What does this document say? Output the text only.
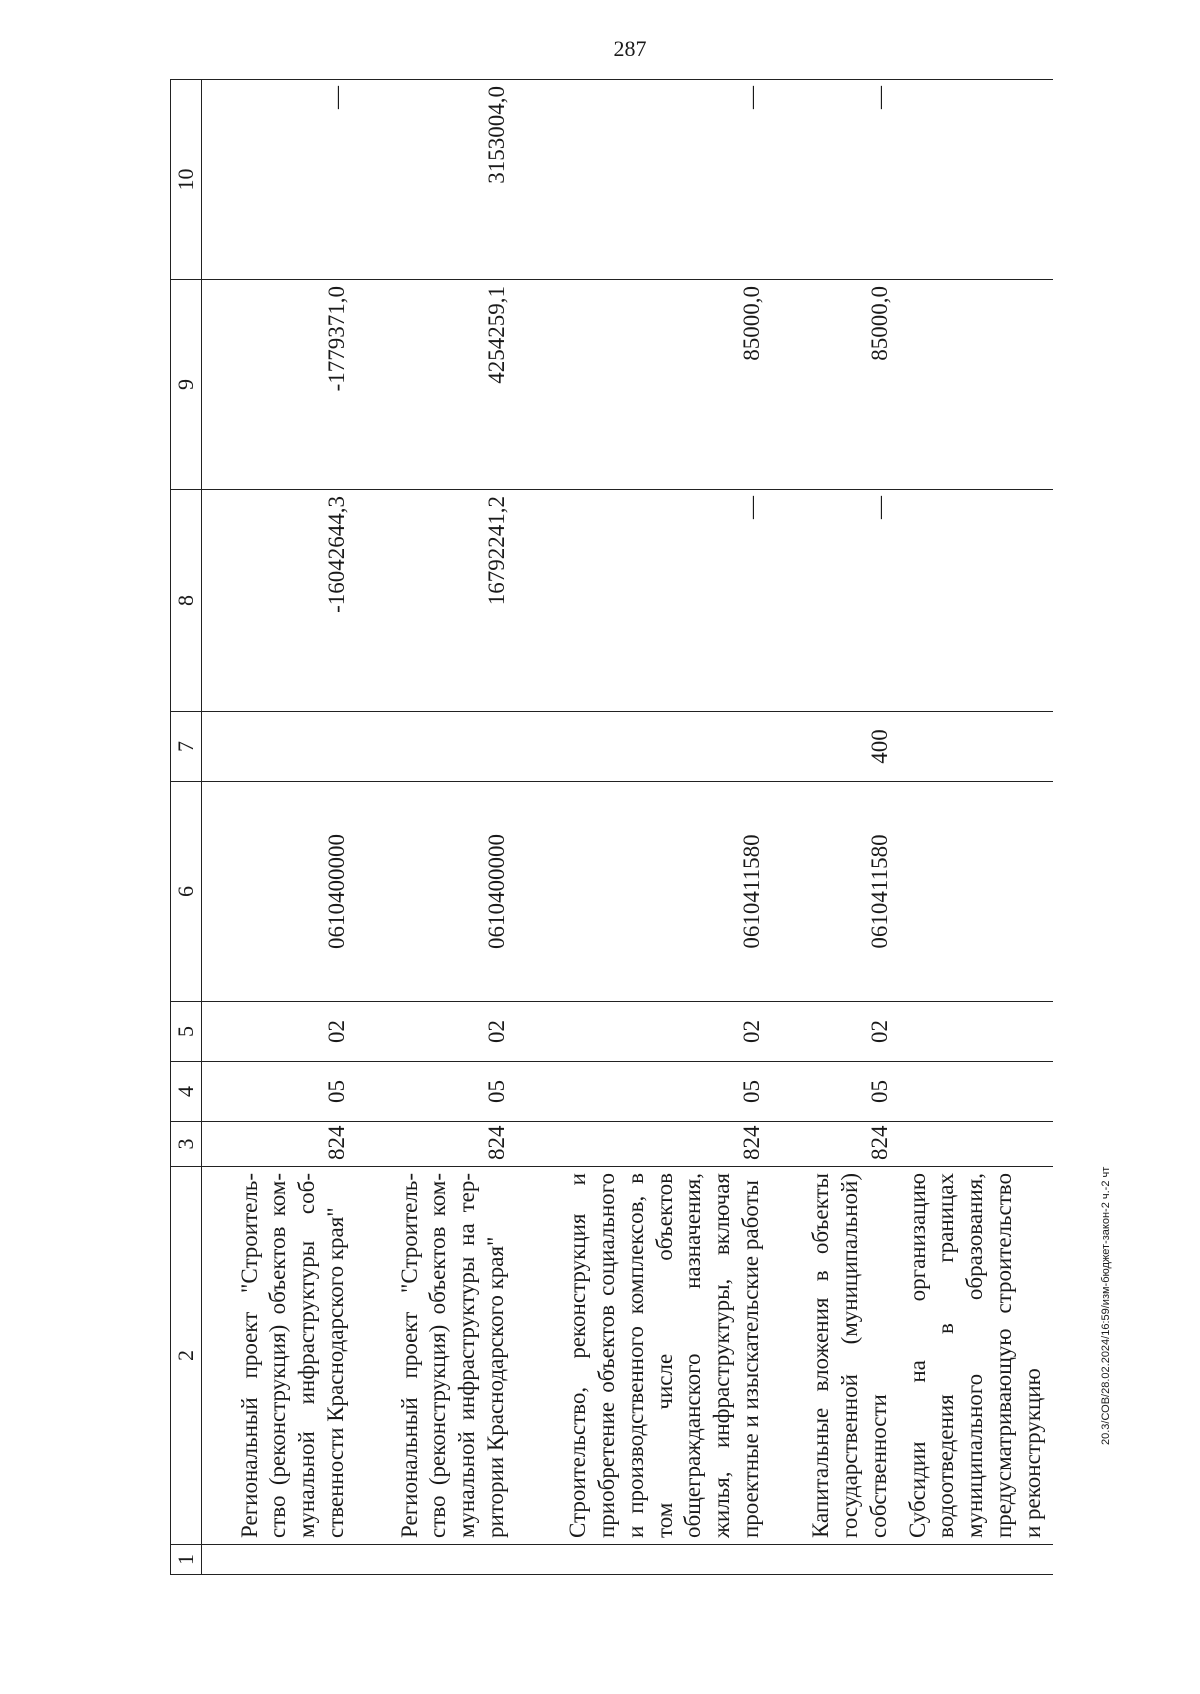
287
1	2	3	4	5	6	7	8	9	10
	Региональный проект "Строитель-ство (реконструкция) объектов ком-мунальной инфраструктуры соб-ственности Краснодарского края"	824	05	02	0610400000		-16042644,3	-1779371,0	—
	Региональный проект "Строитель-ство (реконструкция) объектов ком-мунальной инфраструктуры на тер-ритории Краснодарского края"	824	05	02	0610400000		16792241,2	4254259,1	3153004,0
	Строительство, реконструкция и приобретение объектов социального и производственного комплексов, в том числе объектов общегражданского назначения, жилья, инфраструктуры, включая проектные и изыскательские работы	824	05	02	0610411580		—	85000,0	—
	Капитальные вложения в объекты государственной (муниципальной) собственности	824	05	02	0610411580	400	—	85000,0	—
	Субсидии на организацию водоотведения в границах муниципального образования, предусматривающую строительство и реконструкцию								
20.3/СОВ/28.02.2024/16:59/изм-бюджет-закон-2 ч.-2 чт
